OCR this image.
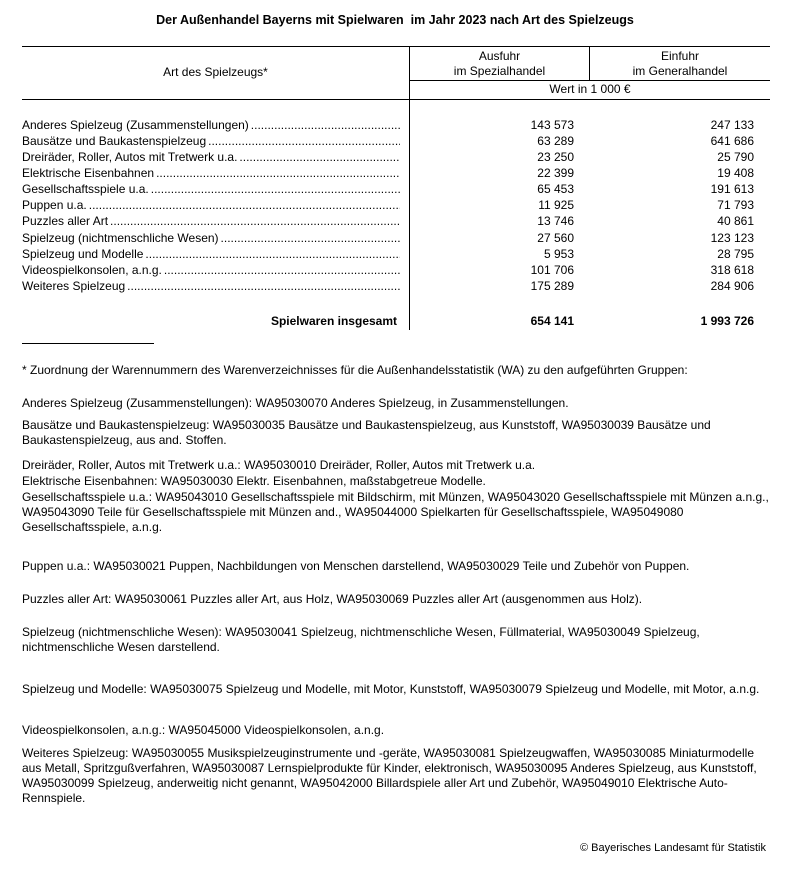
Der Außenhandel Bayerns mit Spielwaren  im Jahr 2023 nach Art des Spielzeugs
Art des Spielzeugs*
Ausfuhr
im Spezialhandel
Einfuhr
im Generalhandel
Wert in 1 000 €
Anderes Spielzeug (Zusammenstellungen) .....	143 573	247 133
Bausätze und Baukastenspielzeug .....	63 289	641 686
Dreiräder, Roller, Autos mit Tretwerk u.a. .....	23 250	25 790
Elektrische Eisenbahnen .....	22 399	19 408
Gesellschaftsspiele u.a. .....	65 453	191 613
Puppen u.a. .....	11 925	71 793
Puzzles aller Art .....	13 746	40 861
Spielzeug (nichtmenschliche Wesen) .....	27 560	123 123
Spielzeug und Modelle .....	5 953	28 795
Videospielkonsolen, a.n.g. .....	101 706	318 618
Weiteres Spielzeug .....	175 289	284 906
Spielwaren insgesamt	654 141	1 993 726
* Zuordnung der Warennummern des Warenverzeichnisses für die Außenhandelsstatistik (WA) zu den aufgeführten Gruppen:
Anderes Spielzeug (Zusammenstellungen): WA95030070 Anderes Spielzeug, in Zusammenstellungen.
Bausätze und Baukastenspielzeug: WA95030035 Bausätze und Baukastenspielzeug, aus Kunststoff, WA95030039 Bausätze und Baukastenspielzeug, aus and. Stoffen.
Dreiräder, Roller, Autos mit Tretwerk u.a.: WA95030010 Dreiräder, Roller, Autos mit Tretwerk u.a.
Elektrische Eisenbahnen: WA95030030 Elektr. Eisenbahnen, maßstabgetreue Modelle.
Gesellschaftsspiele u.a.: WA95043010 Gesellschaftsspiele mit Bildschirm, mit Münzen, WA95043020 Gesellschaftsspiele mit Münzen a.n.g., WA95043090 Teile für Gesellschaftsspiele mit Münzen and., WA95044000 Spielkarten für Gesellschaftsspiele, WA95049080 Gesellschaftsspiele, a.n.g.
Puppen u.a.: WA95030021 Puppen, Nachbildungen von Menschen darstellend, WA95030029 Teile und Zubehör von Puppen.
Puzzles aller Art: WA95030061 Puzzles aller Art, aus Holz, WA95030069 Puzzles aller Art (ausgenommen aus Holz).
Spielzeug (nichtmenschliche Wesen): WA95030041 Spielzeug, nichtmenschliche Wesen, Füllmaterial, WA95030049 Spielzeug, nichtmenschliche Wesen darstellend.
Spielzeug und Modelle: WA95030075 Spielzeug und Modelle, mit Motor, Kunststoff, WA95030079 Spielzeug und Modelle, mit Motor, a.n.g.
Videospielkonsolen, a.n.g.: WA95045000 Videospielkonsolen, a.n.g.
Weiteres Spielzeug: WA95030055 Musikspielzeuginstrumente und -geräte, WA95030081 Spielzeugwaffen, WA95030085 Miniaturmodelle aus Metall, Spritzgußverfahren, WA95030087 Lernspielprodukte für Kinder, elektronisch, WA95030095 Anderes Spielzeug, aus Kunststoff, WA95030099 Spielzeug, anderweitig nicht genannt, WA95042000 Billardspiele aller Art und Zubehör, WA95049010 Elektrische Auto-Rennspiele.
© Bayerisches Landesamt für Statistik
